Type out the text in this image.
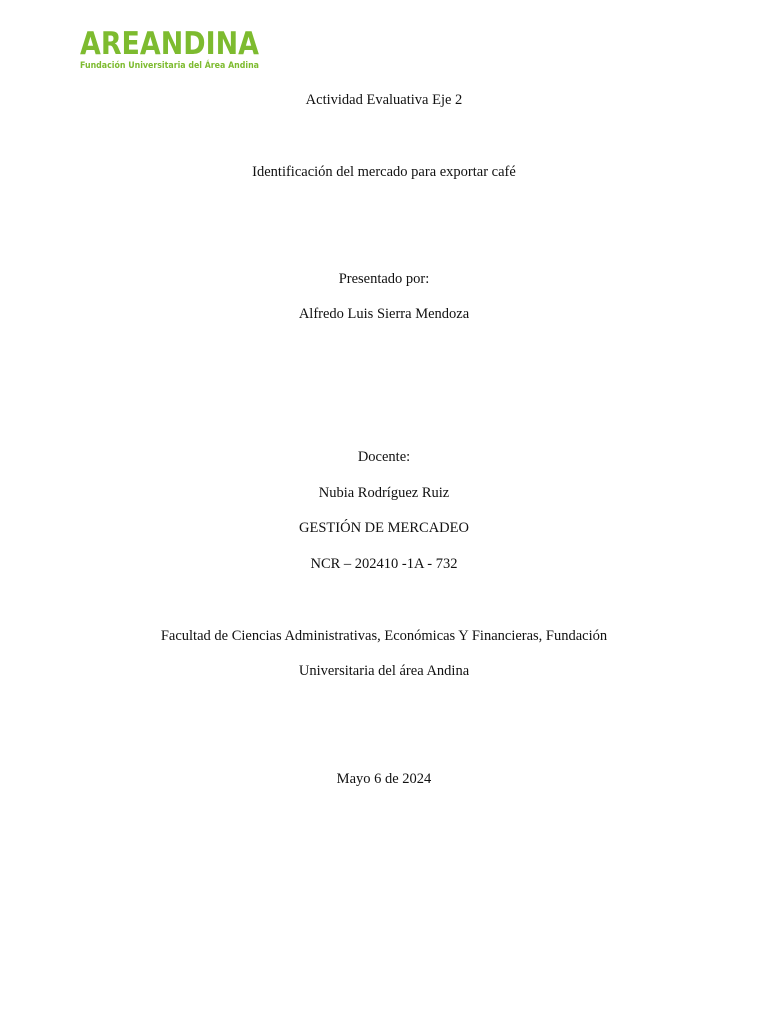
AREANDINA
Fundación Universitaria del Área Andina
Actividad Evaluativa Eje 2
Identificación del mercado para exportar café
Presentado por:
Alfredo Luis Sierra Mendoza
Docente:
Nubia Rodríguez Ruiz
GESTIÓN DE MERCADEO
NCR – 202410 -1A - 732
Facultad de Ciencias Administrativas, Económicas Y Financieras, Fundación
Universitaria del área Andina
Mayo 6 de 2024
